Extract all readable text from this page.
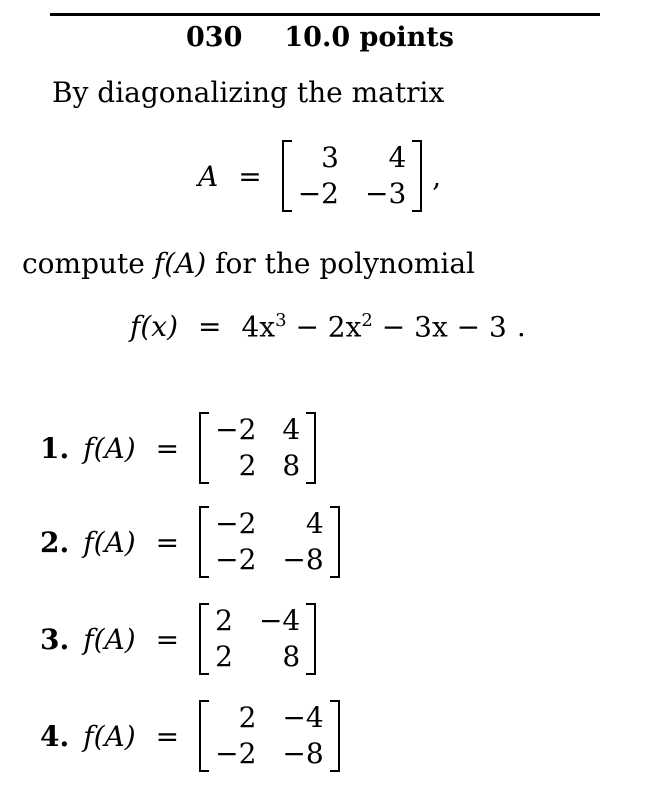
030 10.0 points
By diagonalizing the matrix
A =
3	4
−2 −3
,
compute f(A) for the polynomial
$f(x) = 4x^3 - 2x^2 - 3x - 3$ .
1. f(A) =
−2 4
2 8
2. f(A) =
−2	4
−2 −8
3. f(A) =
2 −4
2	8
4. f(A) =
2 −4
−2 −8
